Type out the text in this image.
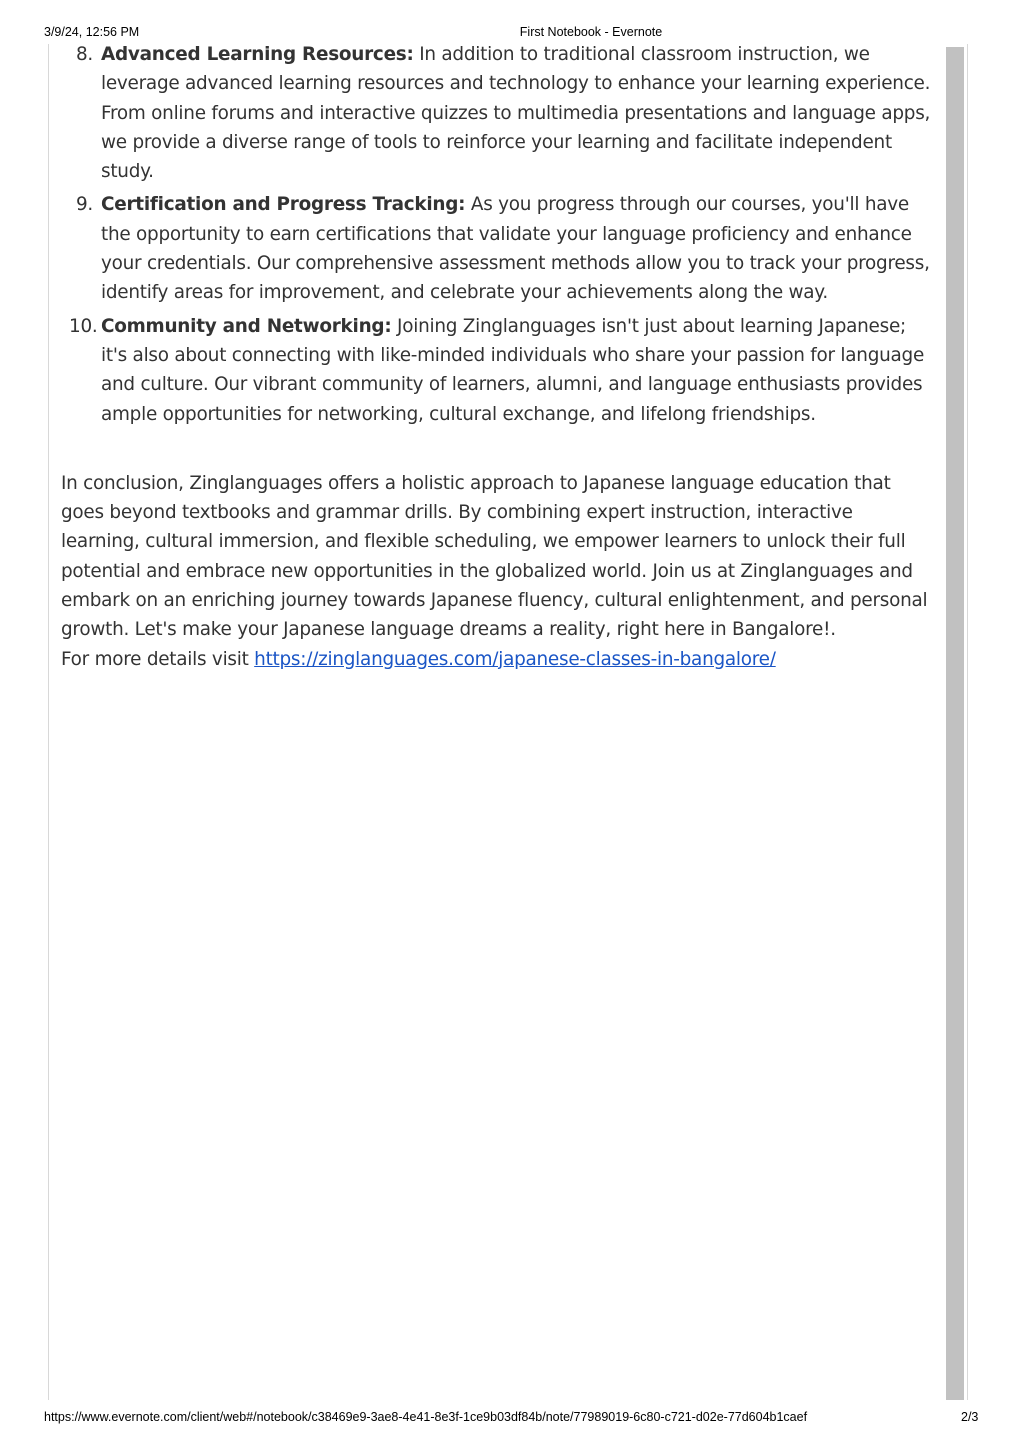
3/9/24, 12:56 PM	First Notebook - Evernote
8. Advanced Learning Resources: In addition to traditional classroom instruction, we leverage advanced learning resources and technology to enhance your learning experience. From online forums and interactive quizzes to multimedia presentations and language apps, we provide a diverse range of tools to reinforce your learning and facilitate independent study.
9. Certification and Progress Tracking: As you progress through our courses, you'll have the opportunity to earn certifications that validate your language proficiency and enhance your credentials. Our comprehensive assessment methods allow you to track your progress, identify areas for improvement, and celebrate your achievements along the way.
10. Community and Networking: Joining Zinglanguages isn't just about learning Japanese; it's also about connecting with like-minded individuals who share your passion for language and culture. Our vibrant community of learners, alumni, and language enthusiasts provides ample opportunities for networking, cultural exchange, and lifelong friendships.
In conclusion, Zinglanguages offers a holistic approach to Japanese language education that goes beyond textbooks and grammar drills. By combining expert instruction, interactive learning, cultural immersion, and flexible scheduling, we empower learners to unlock their full potential and embrace new opportunities in the globalized world. Join us at Zinglanguages and embark on an enriching journey towards Japanese fluency, cultural enlightenment, and personal growth. Let's make your Japanese language dreams a reality, right here in Bangalore!.
For more details visit https://zinglanguages.com/japanese-classes-in-bangalore/
https://www.evernote.com/client/web#/notebook/c38469e9-3ae8-4e41-8e3f-1ce9b03df84b/note/77989019-6c80-c721-d02e-77d604b1caef	2/3
